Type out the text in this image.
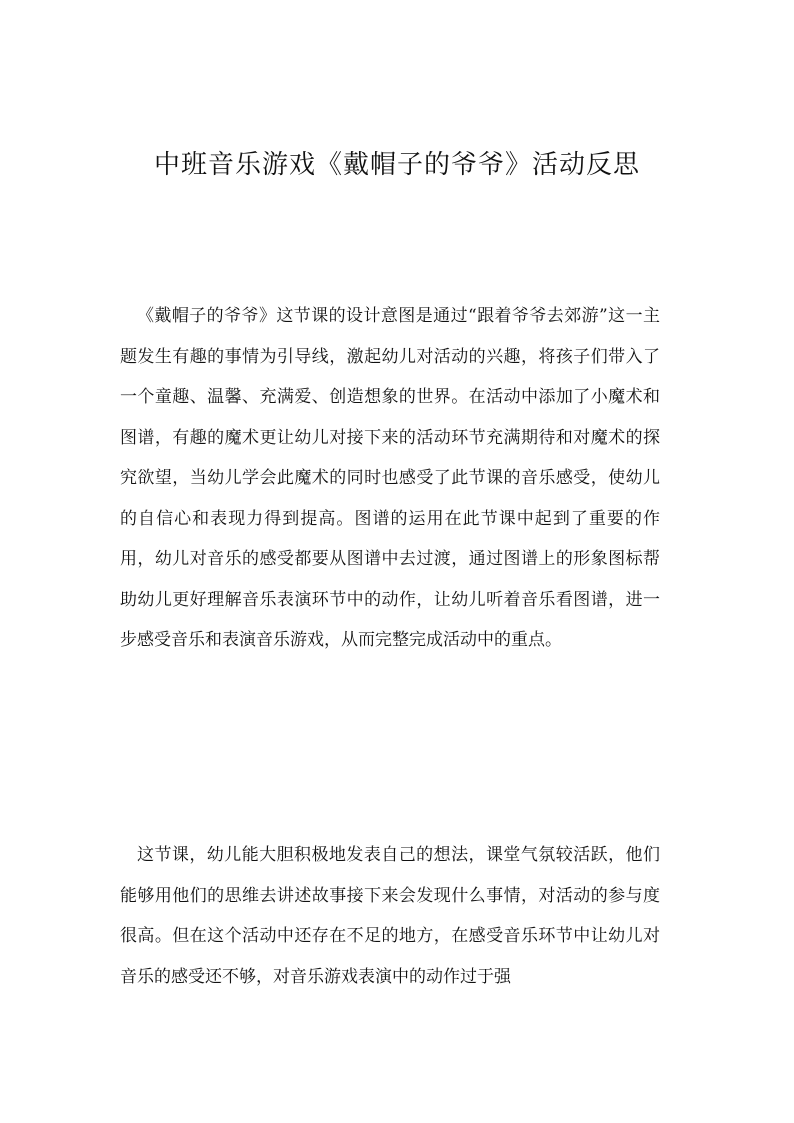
中班音乐游戏《戴帽子的爷爷》活动反思

《戴帽子的爷爷》这节课的设计意图是通过“跟着爷爷去郊游”这一主题发生有趣的事情为引导线，激起幼儿对活动的兴趣，将孩子们带入了一个童趣、温馨、充满爱、创造想象的世界。在活动中添加了小魔术和图谱，有趣的魔术更让幼儿对接下来的活动环节充满期待和对魔术的探究欲望，当幼儿学会此魔术的同时也感受了此节课的音乐感受，使幼儿的自信心和表现力得到提高。图谱的运用在此节课中起到了重要的作用，幼儿对音乐的感受都要从图谱中去过渡，通过图谱上的形象图标帮助幼儿更好理解音乐表演环节中的动作，让幼儿听着音乐看图谱，进一步感受音乐和表演音乐游戏，从而完整完成活动中的重点。

这节课，幼儿能大胆积极地发表自己的想法，课堂气氛较活跃，他们能够用他们的思维去讲述故事接下来会发现什么事情，对活动的参与度很高。但在这个活动中还存在不足的地方，在感受音乐环节中让幼儿对音乐的感受还不够，对音乐游戏表演中的动作过于强
